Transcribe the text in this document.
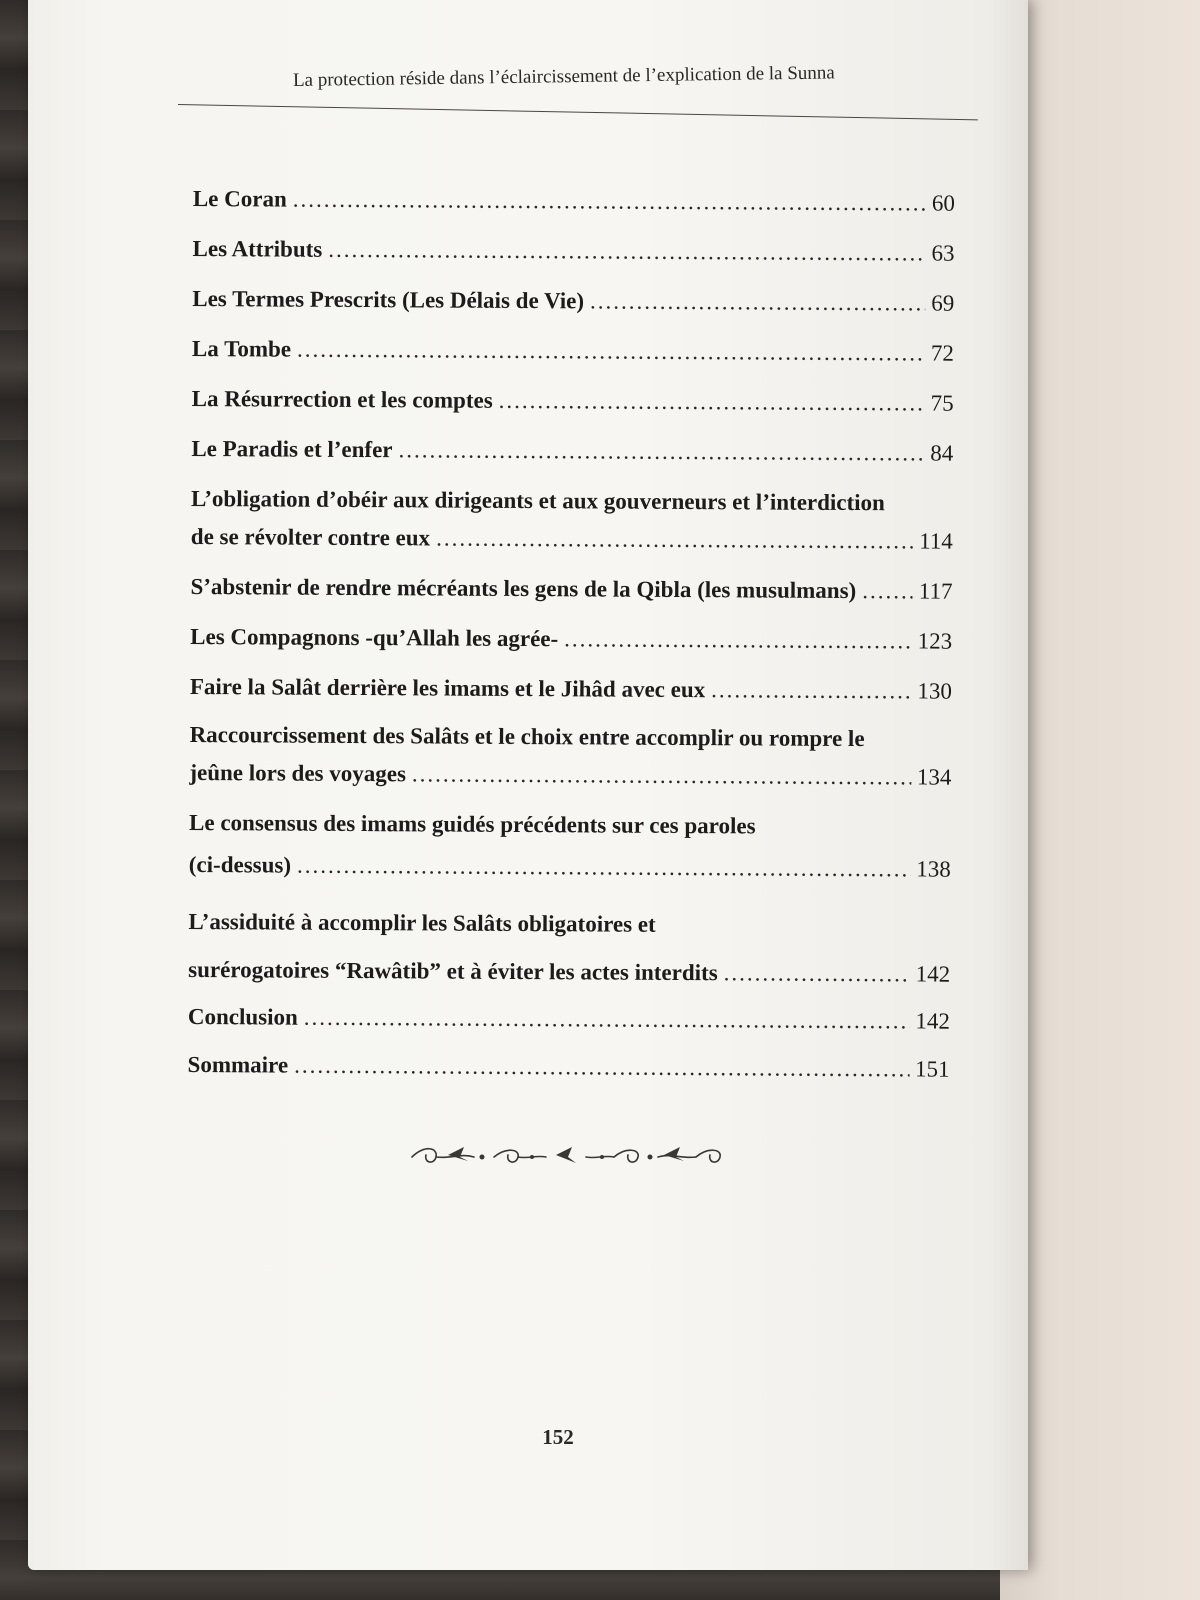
La protection réside dans l’éclaircissement de l’explication de la Sunna
Le Coran .....	60
Les Attributs .....	63
Les Termes Prescrits (Les Délais de Vie) .....	69
La Tombe .....	72
La Résurrection et les comptes .....	75
Le Paradis et l’enfer .....	84
L’obligation d’obéir aux dirigeants et aux gouverneurs et l’interdiction
de se révolter contre eux .....	114
S’abstenir de rendre mécréants les gens de la Qibla (les musulmans) .....	117
Les Compagnons -qu’Allah les agrée- .....	123
Faire la Salât derrière les imams et le Jihâd avec eux .....	130
Raccourcissement des Salâts et le choix entre accomplir ou rompre le
jeûne lors des voyages .....	134
Le consensus des imams guidés précédents sur ces paroles
(ci-dessus) .....	138
L’assiduité à accomplir les Salâts obligatoires et
surérogatoires “Rawâtib” et à éviter les actes interdits .....	142
Conclusion .....	142
Sommaire .....	151
152
